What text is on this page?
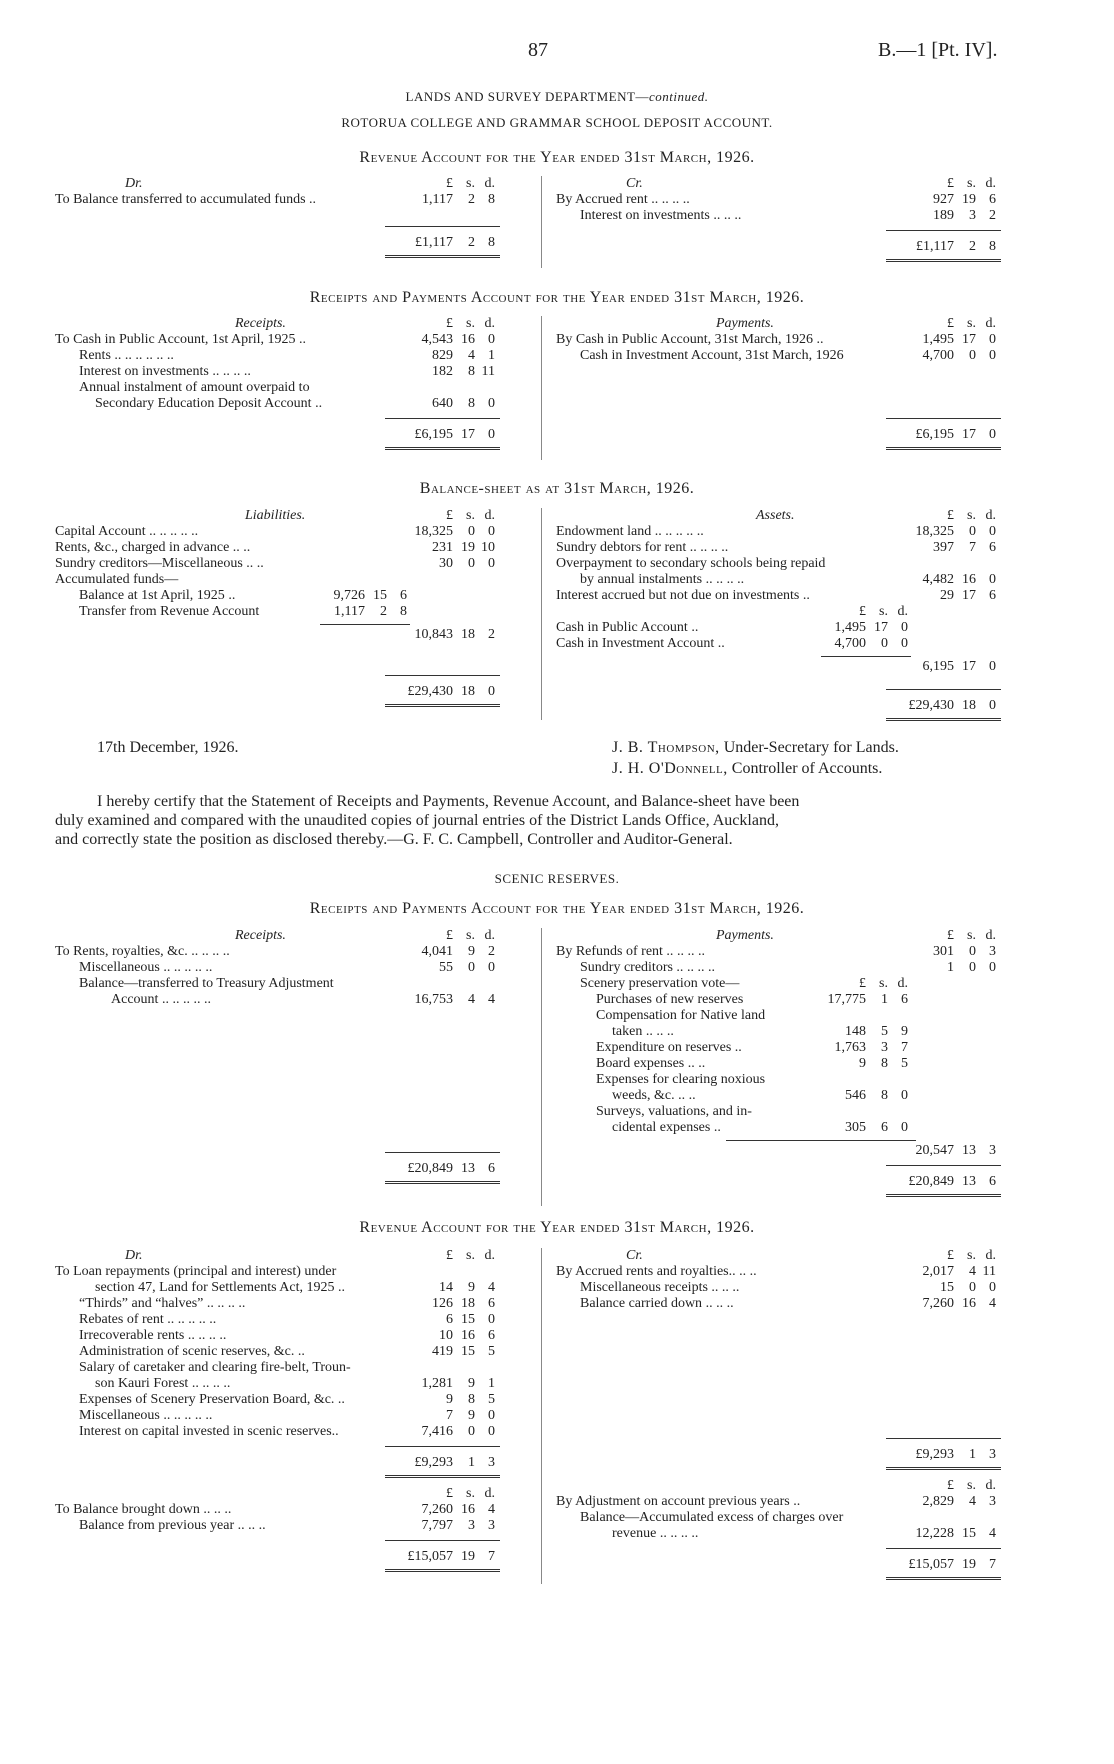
87	B.—1 [Pt. IV].
LANDS AND SURVEY DEPARTMENT—continued.
ROTORUA COLLEGE AND GRAMMAR SCHOOL DEPOSIT ACCOUNT.
Revenue Account for the Year ended 31st March, 1926.
Dr.	£ s. d.
To Balance transferred to accumulated funds ..	1,117 2 8
£1,117 2 8
Cr.	£ s. d.
By Accrued rent .. .. .. ..	927 19 6
Interest on investments .. .. ..	189 3 2
£1,117 2 8
Receipts and Payments Account for the Year ended 31st March, 1926.
Receipts.	£ s. d.
To Cash in Public Account, 1st April, 1925 ..	4,543 16 0
Rents .. .. .. .. .. ..	829 4 1
Interest on investments .. .. .. ..	182 8 11
Annual instalment of amount overpaid to
Secondary Education Deposit Account ..	640 8 0
£6,195 17 0
Payments.	£ s. d.
By Cash in Public Account, 31st March, 1926 ..	1,495 17 0
Cash in Investment Account, 31st March, 1926	4,700 0 0
£6,195 17 0
Balance-sheet as at 31st March, 1926.
Liabilities.	£ s. d.
Capital Account .. .. .. .. ..	18,325 0 0
Rents, &c., charged in advance .. ..	231 19 10
Sundry creditors—Miscellaneous .. ..	30 0 0
Accumulated funds—
Balance at 1st April, 1925 ..	9,726 15 6
Transfer from Revenue Account	1,117 2 8
10,843 18 2
£29,430 18 0
Assets.	£ s. d.
Endowment land .. .. .. .. ..	18,325 0 0
Sundry debtors for rent .. .. .. ..	397 7 6
Overpayment to secondary schools being repaid
by annual instalments .. .. .. ..	4,482 16 0
Interest accrued but not due on investments ..	29 17 6
£ s. d.
Cash in Public Account ..	1,495 17 0
Cash in Investment Account ..	4,700 0 0
6,195 17 0
£29,430 18 0
17th December, 1926.	J. B. Thompson, Under-Secretary for Lands.
J. H. O'Donnell, Controller of Accounts.
I hereby certify that the Statement of Receipts and Payments, Revenue Account, and Balance-sheet have been
duly examined and compared with the unaudited copies of journal entries of the District Lands Office, Auckland,
and correctly state the position as disclosed thereby.—G. F. C. Campbell, Controller and Auditor-General.
SCENIC RESERVES.
Receipts and Payments Account for the Year ended 31st March, 1926.
Receipts.	£ s. d.
To Rents, royalties, &c. .. .. .. ..	4,041 9 2
Miscellaneous .. .. .. .. ..	55 0 0
Balance—transferred to Treasury Adjustment
Account .. .. .. .. ..	16,753 4 4
£20,849 13 6
Payments.	£ s. d.
By Refunds of rent .. .. .. ..	301 0 3
Sundry creditors .. .. .. ..	1 0 0
Scenery preservation vote—	£ s. d.
Purchases of new reserves	17,775 1 6
Compensation for Native land
taken .. .. ..	148 5 9
Expenditure on reserves ..	1,763 3 7
Board expenses .. ..	9 8 5
Expenses for clearing noxious
weeds, &c. .. ..	546 8 0
Surveys, valuations, and in-
cidental expenses ..	305 6 0
20,547 13 3
£20,849 13 6
Revenue Account for the Year ended 31st March, 1926.
Dr.	£ s. d.
To Loan repayments (principal and interest) under
section 47, Land for Settlements Act, 1925 ..	14 9 4
“Thirds” and “halves” .. .. .. ..	126 18 6
Rebates of rent .. .. .. .. ..	6 15 0
Irrecoverable rents .. .. .. ..	10 16 6
Administration of scenic reserves, &c. ..	419 15 5
Salary of caretaker and clearing fire-belt, Troun-
son Kauri Forest .. .. .. ..	1,281 9 1
Expenses of Scenery Preservation Board, &c. ..	9 8 5
Miscellaneous .. .. .. .. ..	7 9 0
Interest on capital invested in scenic reserves..	7,416 0 0
£9,293 1 3
£ s. d.
To Balance brought down .. .. ..	7,260 16 4
Balance from previous year .. .. ..	7,797 3 3
£15,057 19 7
Cr.	£ s. d.
By Accrued rents and royalties.. .. ..	2,017 4 11
Miscellaneous receipts .. .. ..	15 0 0
Balance carried down .. .. ..	7,260 16 4
£9,293 1 3
£ s. d.
By Adjustment on account previous years ..	2,829 4 3
Balance—Accumulated excess of charges over
revenue .. .. .. ..	12,228 15 4
£15,057 19 7
